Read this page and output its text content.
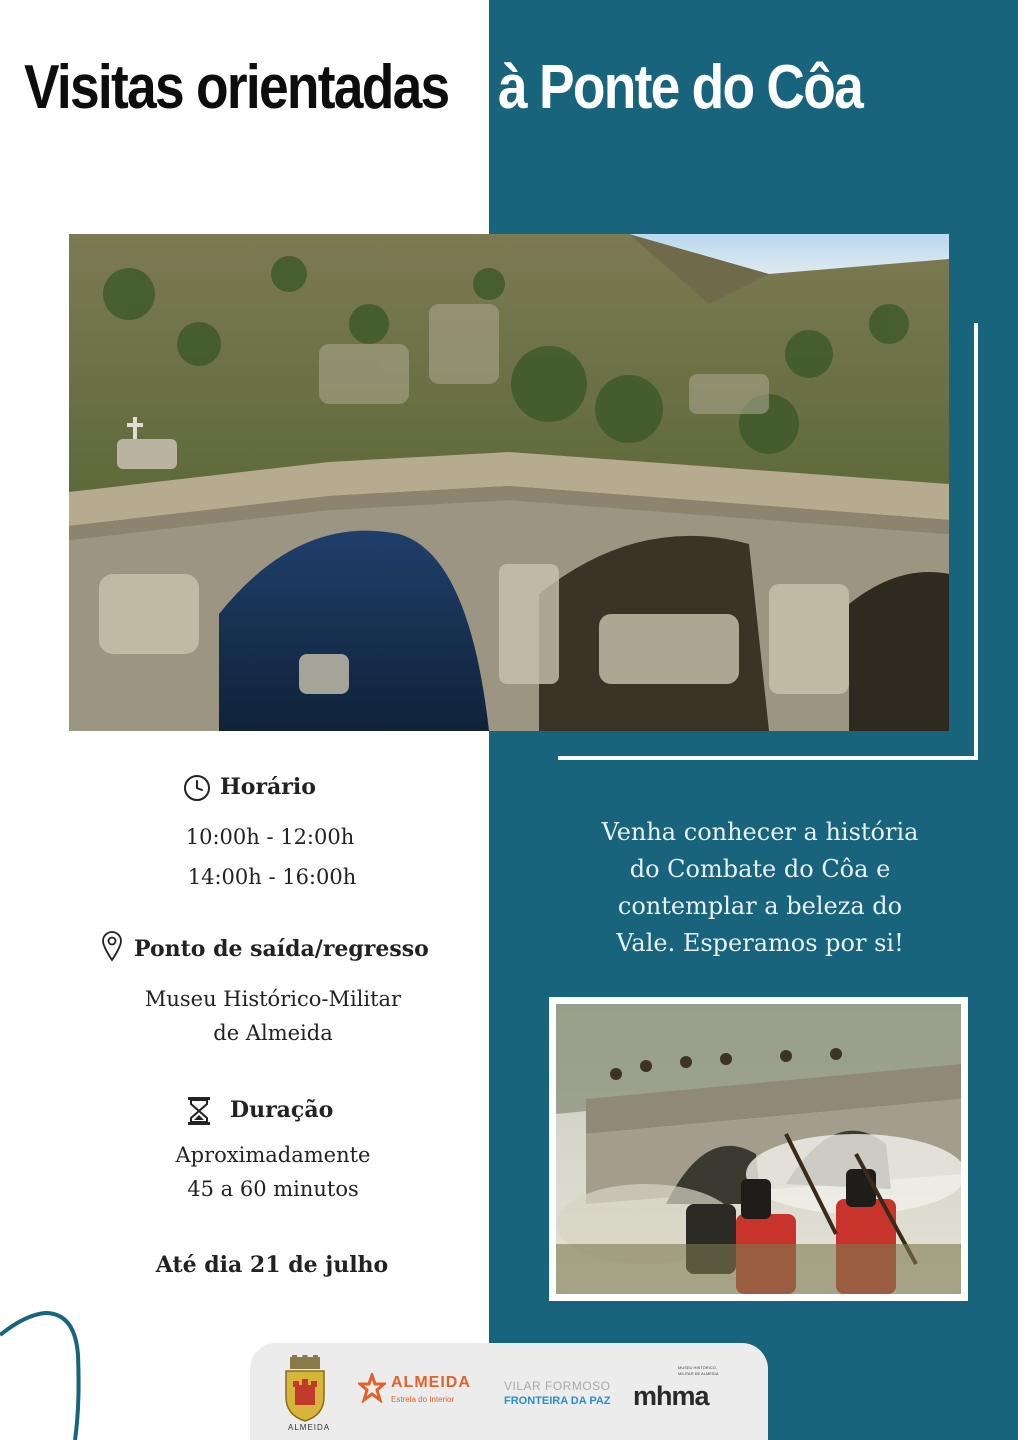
Visitas orientadas à Ponte do Côa
Horário
10:00h - 12:00h
14:00h - 16:00h
Ponto de saída/regresso
Museu Histórico-Militar
de Almeida
Duração
Aproximadamente
45 a 60 minutos
Até dia 21 de julho
Venha conhecer a história
do Combate do Côa e
contemplar a beleza do
Vale. Esperamos por si!
ALMEIDA
ALMEIDA
Estrela do Interior
VILAR FORMOSO
FRONTEIRA DA PAZ
MUSEU HISTÓRICO-MILITAR DE ALMEIDA
mhma
